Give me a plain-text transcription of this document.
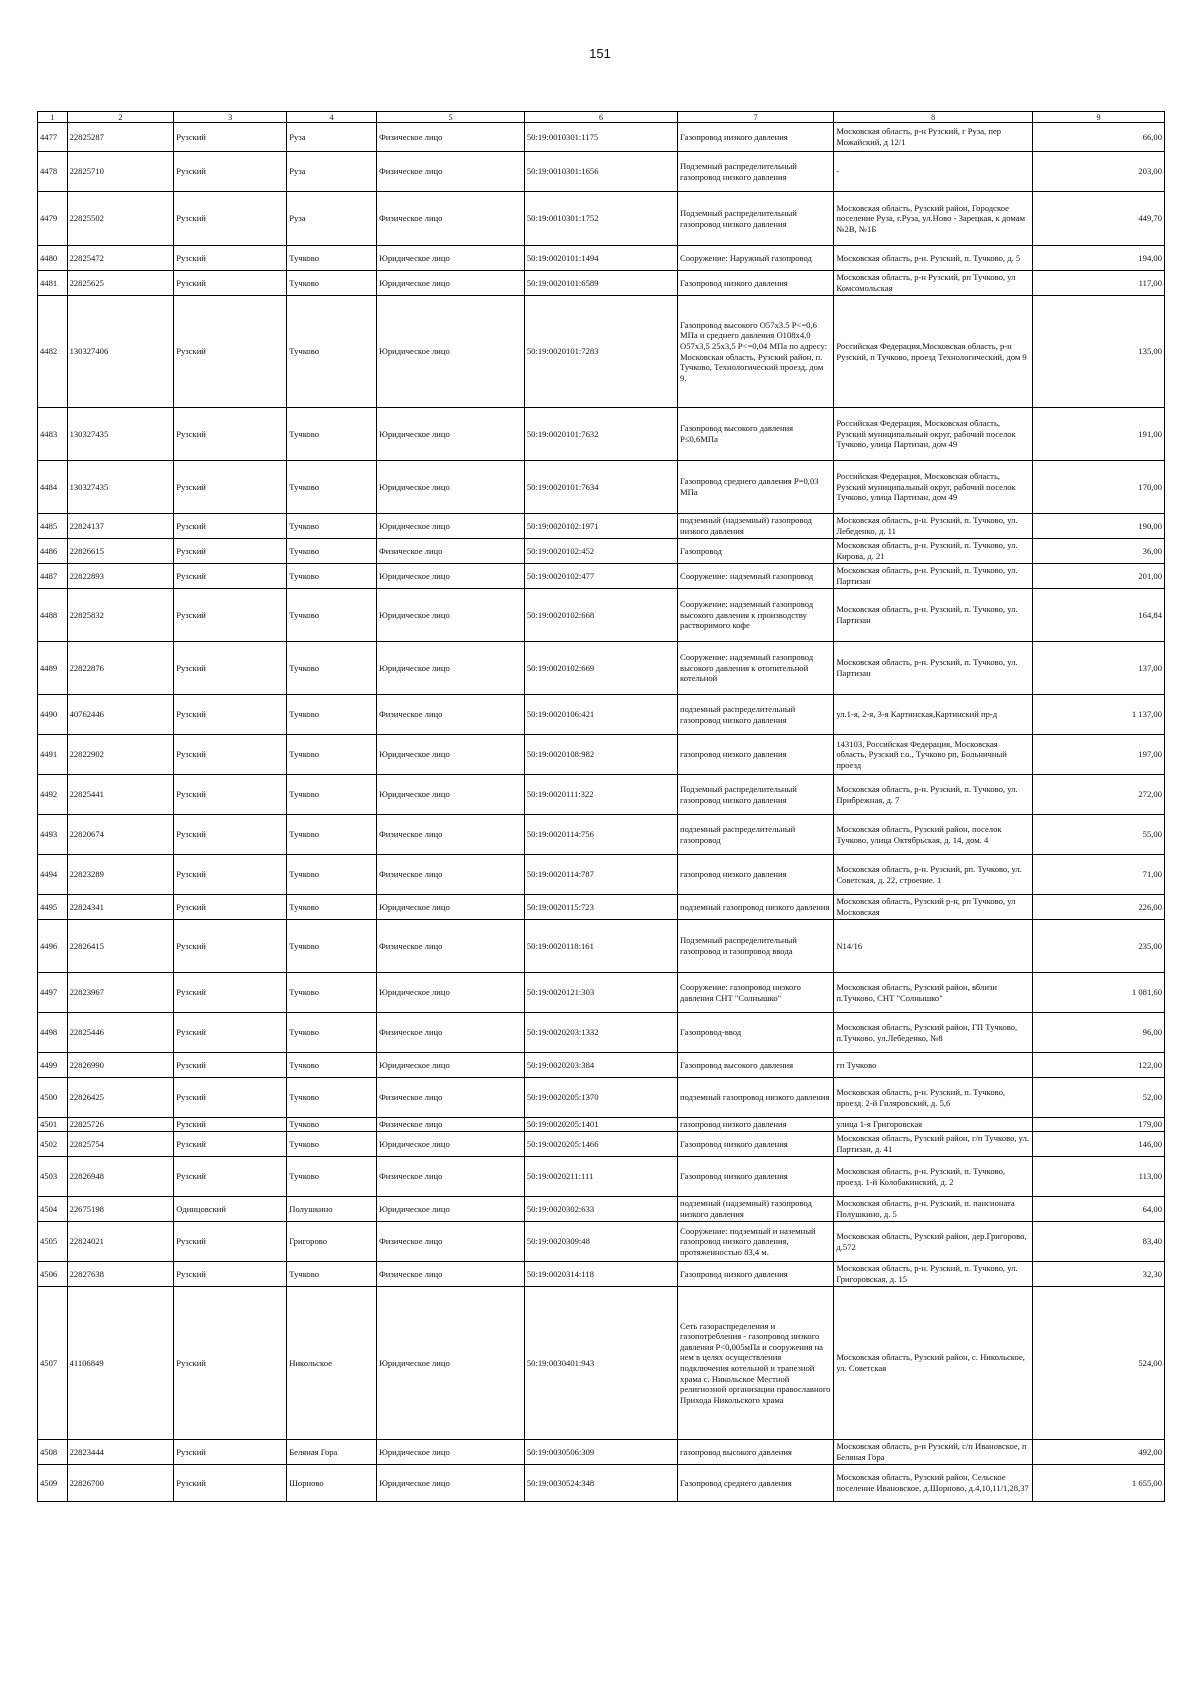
151
1	2	3	4	5	6	7	8	9
4477	22825287	Рузский	Руза	Физическое лицо	50:19:0010301:1175	Газопровод низкого давления	Московская область, р-н Рузский, г Руза, пер Можайский, д 12/1	66,00
4478	22825710	Рузский	Руза	Физическое лицо	50:19:0010301:1656	Подземный распределительный газопровод низкого давления	-	203,00
4479	22825502	Рузский	Руза	Физическое лицо	50:19:0010301:1752	Подземный распределительный газопровод низкого давления	Московская область, Рузский район, Городское поселение Руза, г.Руза, ул.Ново - Зарецкая, к домам №2В, №1Б	449,70
4480	22825472	Рузский	Тучково	Юридическое лицо	50:19:0020101:1494	Сооружение: Наружный газопровод	Московская область, р-н. Рузский, п. Тучково, д. 5	194,00
4481	22825625	Рузский	Тучково	Юридическое лицо	50:19:0020101:6589	Газопровод низкого давления	Московская область, р-н Рузский, рп Тучково, ул Комсомольская	117,00
4482	130327406	Рузский	Тучково	Юридическое лицо	50:19:0020101:7283	Газопровод высокого О57х3.5 Р<=0,6 МПа и среднего давления О108х4,0 О57х3,5 25х3,5 Р<=0,04 МПа по адресу: Московская область, Рузский район, п. Тучково, Технологический проезд, дом 9.	Российская Федерация,Московская область, р-н Рузский, п Тучково, проезд Технологический, дом 9	135,00
4483	130327435	Рузский	Тучково	Юридическое лицо	50:19:0020101:7632	Газопровод высокого давления Р≤0,6МПа	Российская Федерация, Московская область, Рузский муниципальный округ, рабочий поселок Тучково, улица Партизан, дом 49	191,00
4484	130327435	Рузский	Тучково	Юридическое лицо	50:19:0020101:7634	Газопровод среднего давления Р=0,03 МПа	Российская Федерация, Московская область, Рузский муниципальный округ, рабочий поселок Тучково, улица Партизан, дом 49	170,00
4485	22824137	Рузский	Тучково	Юридическое лицо	50:19:0020102:1971	подземный (надземный) газопровод низкого давления	Московская область, р-н. Рузский, п. Тучково, ул. Лебеденко, д. 11	190,00
4486	22826615	Рузский	Тучково	Физическое лицо	50:19:0020102:452	Газопровод	Московская область, р-н. Рузский, п. Тучково, ул. Кирова, д. 21	36,00
4487	22822893	Рузский	Тучково	Юридическое лицо	50:19:0020102:477	Сооружение: надземный газопровод	Московская область, р-н. Рузский, п. Тучково, ул. Партизан	201,00
4488	22825832	Рузский	Тучково	Юридическое лицо	50:19:0020102:668	Сооружение: надземный газопровод высокого давления к производству растворимого кофе	Московская область, р-н. Рузский, п. Тучково, ул. Партизан	164,84
4489	22822876	Рузский	Тучково	Юридическое лицо	50:19:0020102:669	Сооружение: надземный газопровод высокого давления к отопительной котельной	Московская область, р-н. Рузский, п. Тучково, ул. Партизан	137,00
4490	40762446	Рузский	Тучково	Физическое лицо	50:19:0020106:421	подземный распределительный газопровод низкого давления	ул.1-я, 2-я, 3-я Картинская,Картинский пр-д	1 137,00
4491	22822902	Рузский	Тучково	Юридическое лицо	50:19:0020108:982	газопровод низкого давления	143103, Российская Федерация, Московская область, Рузский г.о., Тучково рп, Больничный проезд	197,00
4492	22825441	Рузский	Тучково	Юридическое лицо	50:19:0020111:322	Подземный распределительный газопровод низкого давления	Московская область, р-н. Рузский, п. Тучково, ул. Прибрежная, д. 7	272,00
4493	22820674	Рузский	Тучково	Физическое лицо	50:19:0020114:756	подземный распределительный газопровод	Московская область, Рузский район, поселок Тучково, улица Октябрьская, д. 14, дом. 4	55,00
4494	22823289	Рузский	Тучково	Физическое лицо	50:19:0020114:787	газопровод низкого давления	Московская область, р-н. Рузский, рп. Тучково, ул. Советская, д. 22, строение. 1	71,00
4495	22824341	Рузский	Тучково	Юридическое лицо	50:19:0020115:723	подземный газопровод низкого давления	Московская область, Рузский р-н, рп Тучково, ул Московская	226,00
4496	22826415	Рузский	Тучково	Физическое лицо	50:19:0020118:161	Подземный распределительный газопровод и газопровод ввода	N14/16	235,00
4497	22823967	Рузский	Тучково	Юридическое лицо	50:19:0020121:303	Сооружение: газопровод низкого давления СНТ "Солнышко"	Московская область, Рузский район, вблизи п.Тучково, СНТ "Солнышко"	1 081,60
4498	22825446	Рузский	Тучково	Физическое лицо	50:19:0020203:1332	Газопровод-ввод	Московская область, Рузский район, ГП Тучково, п.Тучково, ул.Лебеденко, №8	96,00
4499	22826990	Рузский	Тучково	Юридическое лицо	50:19:0020203:384	Газопровод высокого давления	гп Тучково	122,00
4500	22826425	Рузский	Тучково	Физическое лицо	50:19:0020205:1370	подземный газопровод низкого давления	Московская область, р-н. Рузский, п. Тучково, проезд. 2-й Гиляровский, д. 5,6	52,00
4501	22825726	Рузский	Тучково	Физическое лицо	50:19:0020205:1401	газопровод низкого давления	улица 1-я Григоровская	179,00
4502	22825754	Рузский	Тучково	Юридическое лицо	50:19:0020205:1466	Газопровод низкого давления	Московская область, Рузский район, г/п Тучково, ул. Партизан, д. 41	146,00
4503	22826948	Рузский	Тучково	Физическое лицо	50:19:0020211:111	Газопровод низкого давления	Московская область, р-н. Рузский, п. Тучково, проезд. 1-й Колобакинский, д. 2	113,00
4504	22675198	Одинцовский	Полушкино	Юридическое лицо	50:19:0020302:633	подземный (надземный) газопровод низкого давления	Московская область, р-н. Рузский, п. пансионата Полушкино, д. 5	64,00
4505	22824021	Рузский	Григорово	Физическое лицо	50:19:0020309:48	Сооружение: подземный и наземный газопровод низкого давления, протяженностью 83,4 м.	Московская область, Рузский район, дер.Григорово, д.572	83,40
4506	22827638	Рузский	Тучково	Физическое лицо	50:19:0020314:118	Газопровод низкого давления	Московская область, р-н. Рузский, п. Тучково, ул. Григоровская, д. 15	32,30
4507	41106849	Рузский	Никольское	Юридическое лицо	50:19:0030401:943	Сеть газораспределения и газопотребления - газопровод низкого давления Р<0,005мПа и сооружения на нем в целях осуществления подключения котельной и трапезной храма с. Никольское Местной религиозной организации православного Прихода Никольского храма	Московская область, Рузский район, с. Никольское, ул. Советская	524,00
4508	22823444	Рузский	Беляная Гора	Юридическое лицо	50:19:0030506:309	газопровод высокого давления	Московская область, р-н Рузский, с/п Ивановское, п Беляная Гора	492,00
4509	22826700	Рузский	Шорново	Юридическое лицо	50:19:0030524:348	Газопровод среднего давления	Московская область, Рузский район, Сельское поселение Ивановское, д.Шорново, д.4,10,11/1,28,37	1 655,00
